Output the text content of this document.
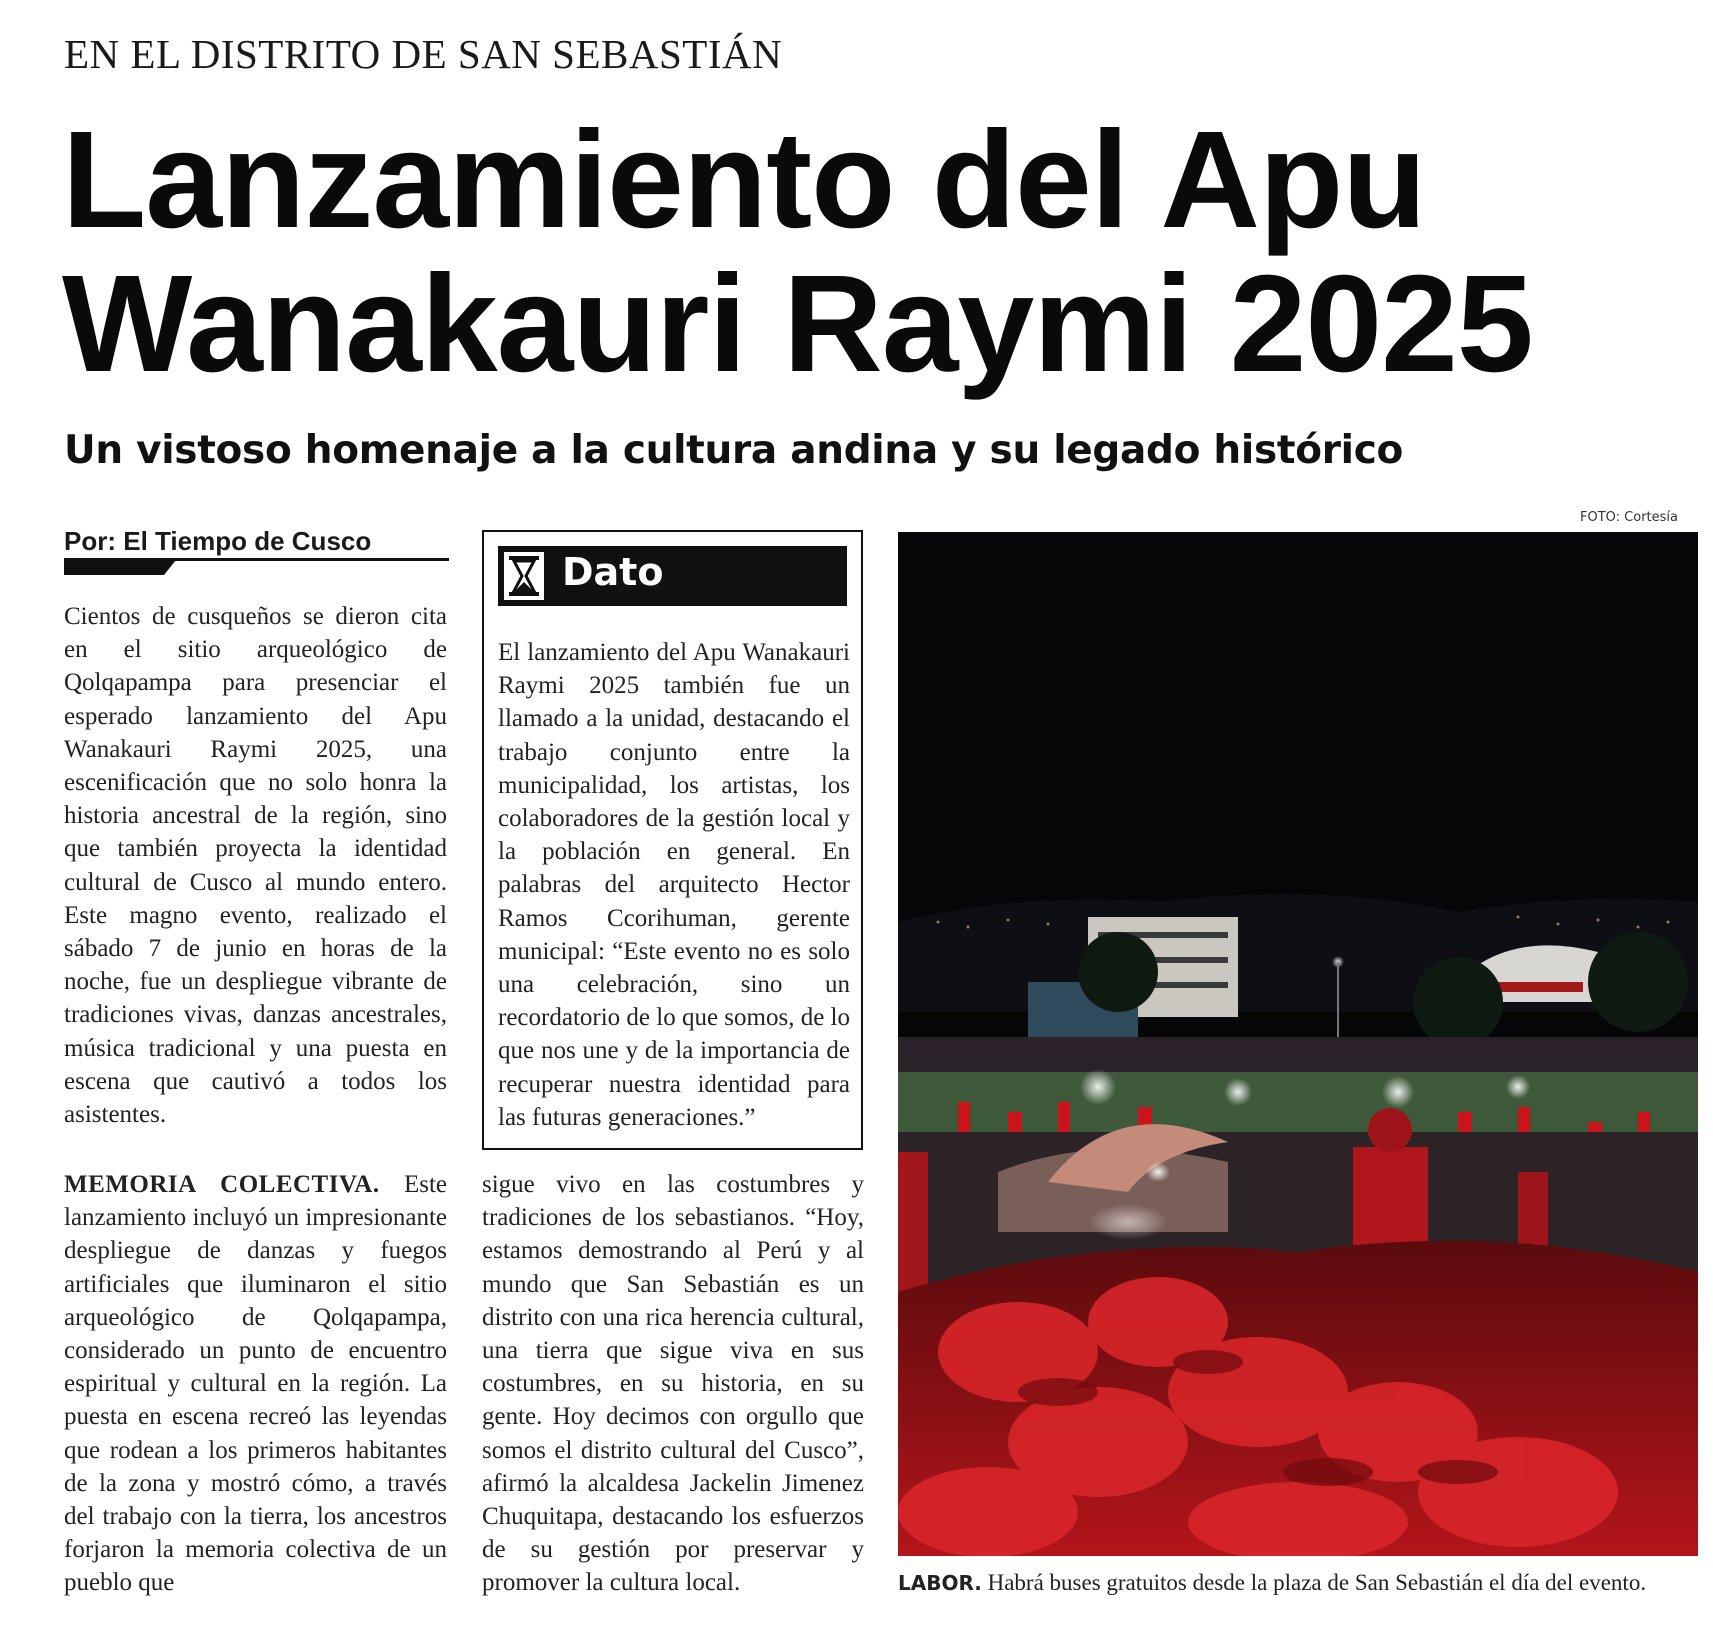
EN EL DISTRITO DE SAN SEBASTIÁN
Lanzamiento del Apu
Wanakauri Raymi 2025
Un vistoso homenaje a la cultura andina y su legado histórico
Por: El Tiempo de Cusco

Cientos de cusqueños se dieron cita en el sitio arqueológico de Qolqapampa para presenciar el esperado lanzamiento del Apu Wanakauri Raymi 2025, una escenificación que no solo honra la historia ancestral de la región, sino que también proyecta la identidad cultural de Cusco al mundo entero. Este magno evento, realizado el sábado 7 de junio en horas de la noche, fue un despliegue vibrante de tradiciones vivas, danzas ancestrales, música tradicional y una puesta en escena que cautivó a todos los asistentes.

MEMORIA COLECTIVA. Este lanzamiento incluyó un impresionante despliegue de danzas y fuegos artificiales que iluminaron el sitio arqueológico de Qolqapampa, considerado un punto de encuentro espiritual y cultural en la región. La puesta en escena recreó las leyendas que rodean a los primeros habitantes de la zona y mostró cómo, a través del trabajo con la tierra, los ancestros forjaron la memoria colectiva de un pueblo que

Dato

El lanzamiento del Apu Wanakauri Raymi 2025 también fue un llamado a la unidad, destacando el trabajo conjunto entre la municipalidad, los artistas, los colaboradores de la gestión local y la población en general. En palabras del arquitecto Hector Ramos Ccorihuman, gerente municipal: “Este evento no es solo una celebración, sino un recordatorio de lo que somos, de lo que nos une y de la importancia de recuperar nuestra identidad para las futuras generaciones.”

sigue vivo en las costumbres y tradiciones de los sebastianos. “Hoy, estamos demostrando al Perú y al mundo que San Sebastián es un distrito con una rica herencia cultural, una tierra que sigue viva en sus costumbres, en su historia, en su gente. Hoy decimos con orgullo que somos el distrito cultural del Cusco”, afirmó la alcaldesa Jackelin Jimenez Chuquitapa, destacando los esfuerzos de su gestión por preservar y promover la cultura local.

FOTO: Cortesía
LABOR. Habrá buses gratuitos desde la plaza de San Sebastián el día del evento.
